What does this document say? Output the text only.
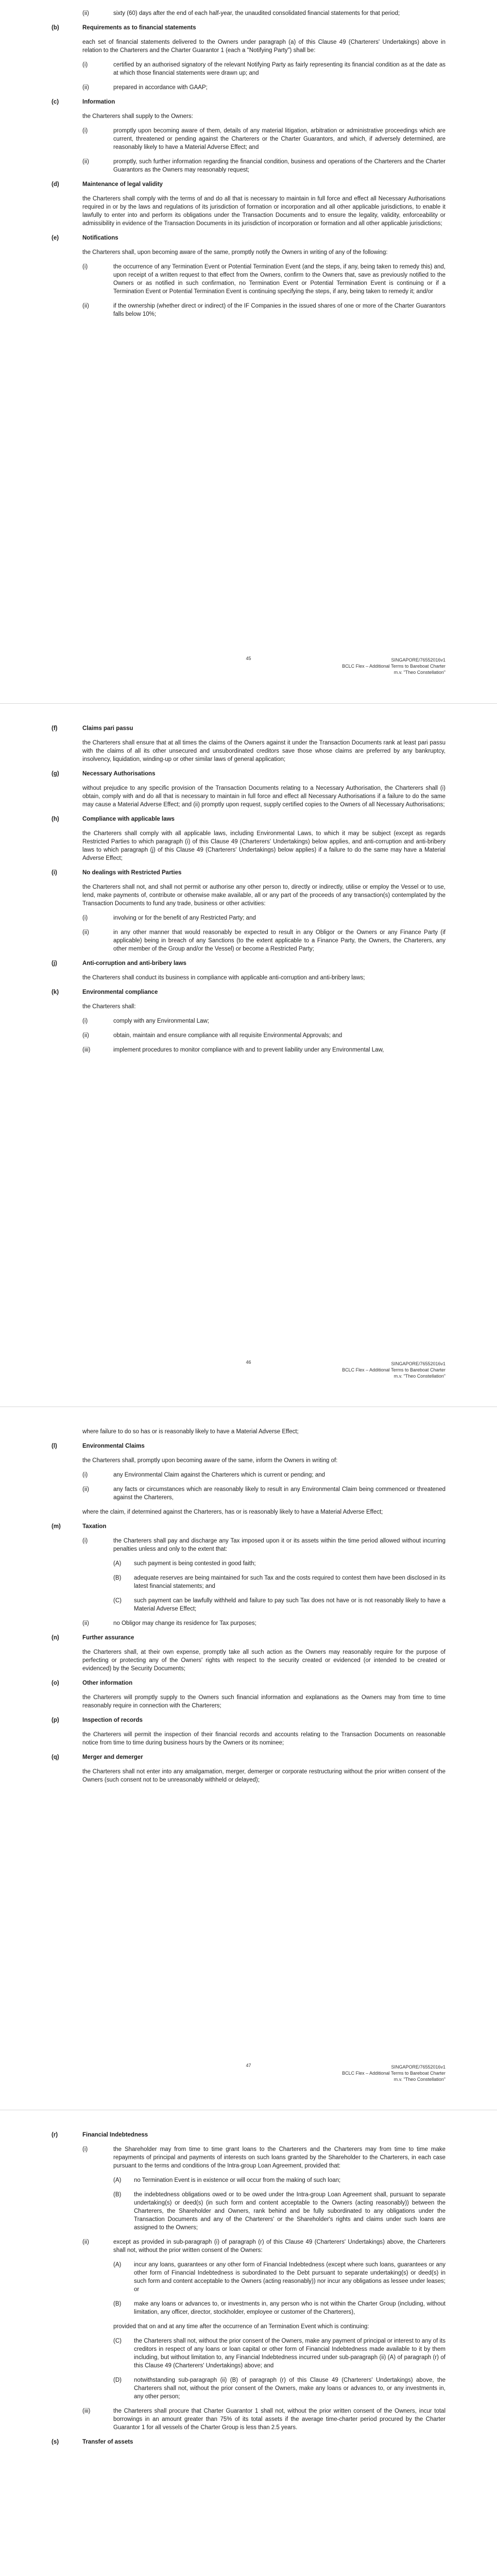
(ii)	sixty (60) days after the end of each half-year, the unaudited consolidated financial statements for that period;

(b)	Requirements as to financial statements

each set of financial statements delivered to the Owners under paragraph (a) of this Clause 49 (Charterers' Undertakings) above in relation to the Charterers and the Charter Guarantor 1 (each a "Notifying Party") shall be:

(i)	certified by an authorised signatory of the relevant Notifying Party as fairly representing its financial condition as at the date as at which those financial statements were drawn up; and

(ii)	prepared in accordance with GAAP;

(c)	Information

the Charterers shall supply to the Owners:

(i)	promptly upon becoming aware of them, details of any material litigation, arbitration or administrative proceedings which are current, threatened or pending against the Charterers or the Charter Guarantors, and which, if adversely determined, are reasonably likely to have a Material Adverse Effect; and

(ii)	promptly, such further information regarding the financial condition, business and operations of the Charterers and the Charter Guarantors as the Owners may reasonably request;

(d)	Maintenance of legal validity

the Charterers shall comply with the terms of and do all that is necessary to maintain in full force and effect all Necessary Authorisations required in or by the laws and regulations of its jurisdiction of formation or incorporation and all other applicable jurisdictions, to enable it lawfully to enter into and perform its obligations under the Transaction Documents and to ensure the legality, validity, enforceability or admissibility in evidence of the Transaction Documents in its jurisdiction of incorporation or formation and all other applicable jurisdictions;

(e)	Notifications

the Charterers shall, upon becoming aware of the same, promptly notify the Owners in writing of any of the following:

(i)	the occurrence of any Termination Event or Potential Termination Event (and the steps, if any, being taken to remedy this) and, upon receipt of a written request to that effect from the Owners, confirm to the Owners that, save as previously notified to the Owners or as notified in such confirmation, no Termination Event or Potential Termination Event is continuing or if a Termination Event or Potential Termination Event is continuing specifying the steps, if any, being taken to remedy it; and/or

(ii)	if the ownership (whether direct or indirect) of the IF Companies in the issued shares of one or more of the Charter Guarantors falls below 10%;

45	SINGAPORE/76552016v1
BCLC Flex – Additional Terms to Bareboat Charter
m.v. "Theo Constellation"
(f)	Claims pari passu

the Charterers shall ensure that at all times the claims of the Owners against it under the Transaction Documents rank at least pari passu with the claims of all its other unsecured and unsubordinated creditors save those whose claims are preferred by any bankruptcy, insolvency, liquidation, winding-up or other similar laws of general application;

(g)	Necessary Authorisations

without prejudice to any specific provision of the Transaction Documents relating to a Necessary Authorisation, the Charterers shall (i) obtain, comply with and do all that is necessary to maintain in full force and effect all Necessary Authorisations if a failure to do the same may cause a Material Adverse Effect; and (ii) promptly upon request, supply certified copies to the Owners of all Necessary Authorisations;

(h)	Compliance with applicable laws

the Charterers shall comply with all applicable laws, including Environmental Laws, to which it may be subject (except as regards Restricted Parties to which paragraph (i) of this Clause 49 (Charterers' Undertakings) below applies, and anti-corruption and anti-bribery laws to which paragraph (j) of this Clause 49 (Charterers' Undertakings) below applies) if a failure to do the same may have a Material Adverse Effect;

(i)	No dealings with Restricted Parties

the Charterers shall not, and shall not permit or authorise any other person to, directly or indirectly, utilise or employ the Vessel or to use, lend, make payments of, contribute or otherwise make available, all or any part of the proceeds of any transaction(s) contemplated by the Transaction Documents to fund any trade, business or other activities:

(i)	involving or for the benefit of any Restricted Party; and

(ii)	in any other manner that would reasonably be expected to result in any Obligor or the Owners or any Finance Party (if applicable) being in breach of any Sanctions (to the extent applicable to a Finance Party, the Owners, the Charterers, any other member of the Group and/or the Vessel) or become a Restricted Party;

(j)	Anti-corruption and anti-bribery laws

the Charterers shall conduct its business in compliance with applicable anti-corruption and anti-bribery laws;

(k)	Environmental compliance

the Charterers shall:

(i)	comply with any Environmental Law;

(ii)	obtain, maintain and ensure compliance with all requisite Environmental Approvals; and

(iii)	implement procedures to monitor compliance with and to prevent liability under any Environmental Law,

46	SINGAPORE/76552016v1
BCLC Flex – Additional Terms to Bareboat Charter
m.v. "Theo Constellation"

where failure to do so has or is reasonably likely to have a Material Adverse Effect;

(l)	Environmental Claims

the Charterers shall, promptly upon becoming aware of the same, inform the Owners in writing of:

(i)	any Environmental Claim against the Charterers which is current or pending; and

(ii)	any facts or circumstances which are reasonably likely to result in any Environmental Claim being commenced or threatened against the Charterers,

where the claim, if determined against the Charterers, has or is reasonably likely to have a Material Adverse Effect;

(m)	Taxation
(i)	the Charterers shall pay and discharge any Tax imposed upon it or its assets within the time period allowed without incurring penalties unless and only to the extent that:

(A)	such payment is being contested in good faith;

(B)	adequate reserves are being maintained for such Tax and the costs required to contest them have been disclosed in its latest financial statements; and

(C)	such payment can be lawfully withheld and failure to pay such Tax does not have or is not reasonably likely to have a Material Adverse Effect;

(ii)	no Obligor may change its residence for Tax purposes;

(n)	Further assurance

the Charterers shall, at their own expense, promptly take all such action as the Owners may reasonably require for the purpose of perfecting or protecting any of the Owners' rights with respect to the security created or evidenced (or intended to be created or evidenced) by the Security Documents;

(o)	Other information

the Charterers will promptly supply to the Owners such financial information and explanations as the Owners may from time to time reasonably require in connection with the Charterers;

(p)	Inspection of records

the Charterers will permit the inspection of their financial records and accounts relating to the Transaction Documents on reasonable notice from time to time during business hours by the Owners or its nominee;

(q)	Merger and demerger

the Charterers shall not enter into any amalgamation, merger, demerger or corporate restructuring without the prior written consent of the Owners (such consent not to be unreasonably withheld or delayed);

47	SINGAPORE/76552016v1
BCLC Flex – Additional Terms to Bareboat Charter
m.v. "Theo Constellation"
(r)	Financial Indebtedness
(i)	the Shareholder may from time to time grant loans to the Charterers and the Charterers may from time to time make repayments of principal and payments of interests on such loans granted by the Shareholder to the Charterers, in each case pursuant to the terms and conditions of the Intra-group Loan Agreement, provided that:

(A)	no Termination Event is in existence or will occur from the making of such loan;

(B)	the indebtedness obligations owed or to be owed under the Intra-group Loan Agreement shall, pursuant to separate undertaking(s) or deed(s) (in such form and content acceptable to the Owners (acting reasonably)) between the Charterers, the Shareholder and Owners, rank behind and be fully subordinated to any obligations under the Transaction Documents and any of the Charterers' or the Shareholder's rights and claims under such loans are assigned to the Owners;

(ii)	except as provided in sub-paragraph (i) of paragraph (r) of this Clause 49 (Charterers' Undertakings) above, the Charterers shall not, without the prior written consent of the Owners:

(A)	incur any loans, guarantees or any other form of Financial Indebtedness (except where such loans, guarantees or any other form of Financial Indebtedness is subordinated to the Debt pursuant to separate undertaking(s) or deed(s) in such form and content acceptable to the Owners (acting reasonably)) nor incur any obligations as lessee under leases; or

(B)	make any loans or advances to, or investments in, any person who is not within the Charter Group (including, without limitation, any officer, director, stockholder, employee or customer of the Charterers),

provided that on and at any time after the occurrence of an Termination Event which is continuing:

(C)	the Charterers shall not, without the prior consent of the Owners, make any payment of principal or interest to any of its creditors in respect of any loans or loan capital or other form of Financial Indebtedness made available to it by them including, but without limitation to, any Financial Indebtedness incurred under sub-paragraph (ii) (A) of paragraph (r) of this Clause 49 (Charterers' Undertakings) above; and

(D)	notwithstanding sub-paragraph (ii) (B) of paragraph (r) of this Clause 49 (Charterers' Undertakings) above, the Charterers shall not, without the prior consent of the Owners, make any loans or advances to, or any investments in, any other person;

(iii)	the Charterers shall procure that Charter Guarantor 1 shall not, without the prior written consent of the Owners, incur total borrowings in an amount greater than 75% of its total assets if the average time-charter period procured by the Charter Guarantor 1 for all vessels of the Charter Group is less than 2.5 years.

(s)	Transfer of assets
